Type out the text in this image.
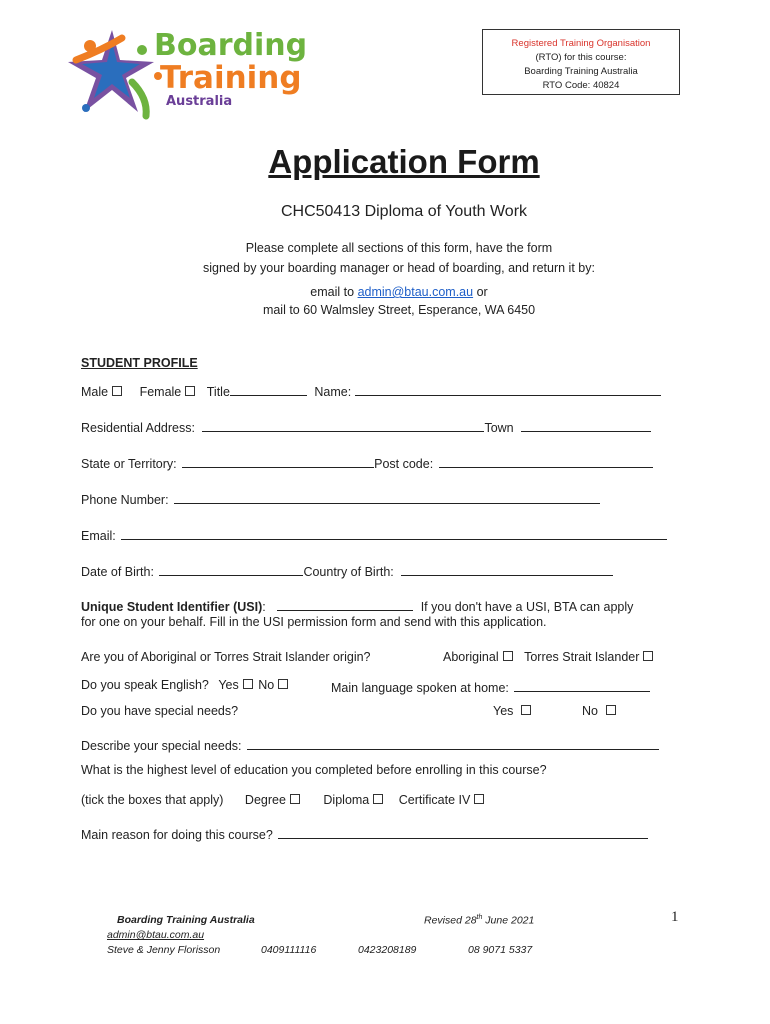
Boarding
Training
Australia
Registered Training Organisation
(RTO) for this course:
Boarding Training Australia
RTO Code: 40824
Application Form
CHC50413 Diploma of Youth Work
Please complete all sections of this form, have the form
signed by your boarding manager or head of boarding, and return it by:
email to admin@btau.com.au or
mail to 60 Walmsley Street, Esperance, WA 6450
STUDENT PROFILE
Male	Female Title	Name:
Residential Address:	Town
State or Territory:	Post code:
Phone Number:
Email:
Date of Birth:	Country of Birth:
Unique Student Identifier (USI):	If you don't have a USI, BTA can apply
for one on your behalf. Fill in the USI permission form and send with this application.
Are you of Aboriginal or Torres Strait Islander origin?	Aboriginal Torres Strait Islander
Do you speak English? Yes No	Main language spoken at home:
Do you have special needs?	Yes	No
Describe your special needs:
What is the highest level of education you completed before enrolling in this course?
(tick the boxes that apply) Degree	Diploma Certificate IV
Main reason for doing this course?
Boarding Training Australia	Revised 28th June 2021	1
admin@btau.com.au
Steve & Jenny Florisson	0409111116	0423208189	08 9071 5337
